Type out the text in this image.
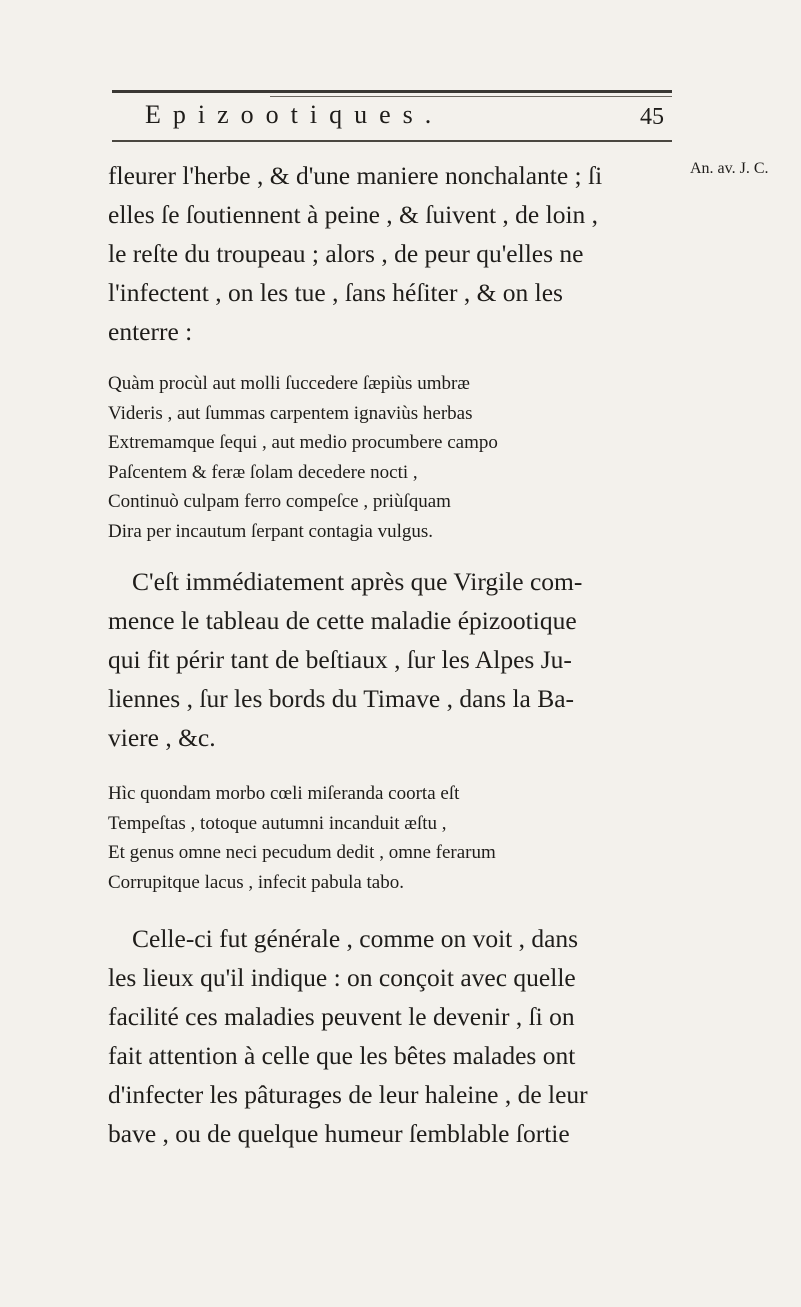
Epizootiques.	45
An. av. J. C.
fleurer l'herbe , & d'une maniere nonchalante ; ſi
elles ſe ſoutiennent à peine , & ſuivent , de loin ,
le reſte du troupeau ; alors , de peur qu'elles ne
l'infectent , on les tue , ſans héſiter , & on les
enterre :
Quàm procùl aut molli ſuccedere ſæpiùs umbræ
Videris , aut ſummas carpentem ignaviùs herbas
Extremamque ſequi , aut medio procumbere campo
Paſcentem & feræ ſolam decedere nocti ,
Continuò culpam ferro compeſce , priùſquam
Dira per incautum ſerpant contagia vulgus.
C'eſt immédiatement après que Virgile com-
mence le tableau de cette maladie épizootique
qui fit périr tant de beſtiaux , ſur les Alpes Ju-
liennes , ſur les bords du Timave , dans la Ba-
viere , &c.
Hìc quondam morbo cœli miſeranda coorta eſt
Tempeſtas , totoque autumni incanduit æſtu ,
Et genus omne neci pecudum dedit , omne ferarum
Corrupitque lacus , infecit pabula tabo.
Celle-ci fut générale , comme on voit , dans
les lieux qu'il indique : on conçoit avec quelle
facilité ces maladies peuvent le devenir , ſi on
fait attention à celle que les bêtes malades ont
d'infecter les pâturages de leur haleine , de leur
bave , ou de quelque humeur ſemblable ſortie
